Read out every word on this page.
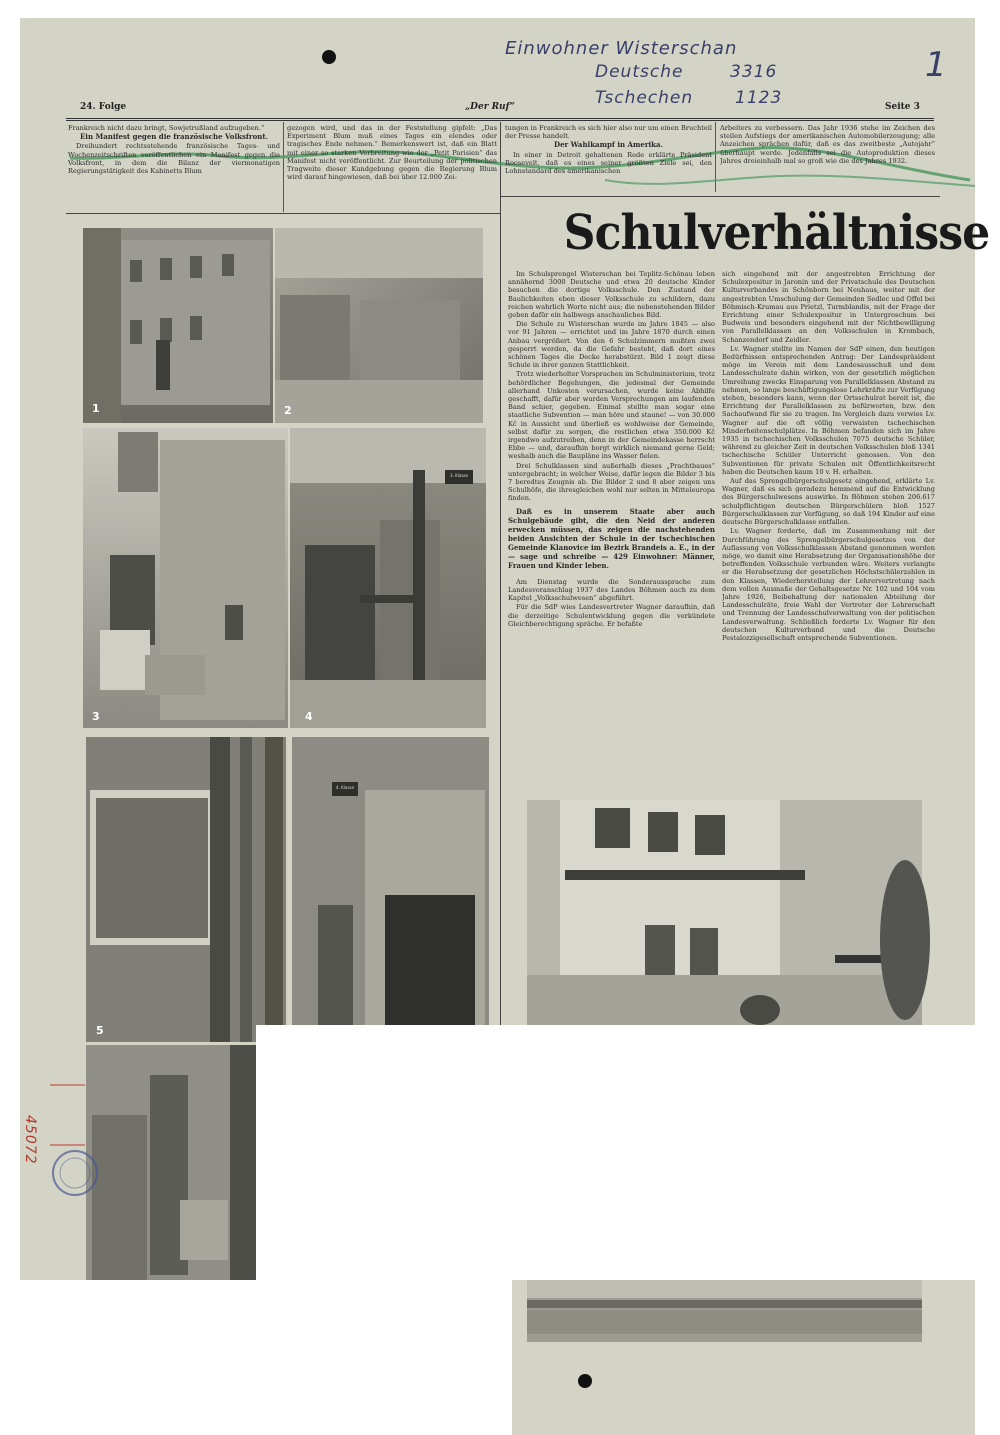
Einwohner Wisterschan
Deutsche	3316
Tschechen 1123
1
45072
24. Folge	„Der Ruf“	Seite 3

Frankreich nicht dazu bringt, Sowjetrußland aufzugeben.“

Ein Manifest gegen die französische Volksfront.

Dreihundert rechtsstehende französische Tages- und Wochenzeitschriften veröffentlichen ein Manifest gegen die Volksfront, in dem die Bilanz der viermonatigen Regierungstätigkeit des Kabinetts Blum

gezogen wird, und das in der Feststellung gipfelt: „Das Experiment Blum muß eines Tages ein elendes oder tragisches Ende nehmen.“ Bemerkenswert ist, daß ein Blatt mit einer so starken Verbreitung wie der „Petit Parisien“ das Manifest nicht veröffentlicht. Zur Beurteilung der politischen Tragweite dieser Kundgebung gegen die Regierung Blum wird darauf hingewiesen, daß bei über 12.000 Zei-

tungen in Frankreich es sich hier also nur um einen Bruchteil der Presse handelt.

Der Wahlkampf in Amerika.

In einer in Detroit gehaltenen Rede erklärte Präsident Roosevelt, daß es eines seiner größten Ziele sei, den Lohnstandard des amerikanischen

Arbeiters zu verbessern. Das Jahr 1936 stehe im Zeichen des steilen Aufstiegs der amerikanischen Automobilerzeugung; alle Anzeichen sprächen dafür, daß es das zweitbeste „Autojahr“ überhaupt werde. Jedenfalls sei die Autoproduktion dieses Jahres dreieinhalb mal so groß wie die des Jahres 1932.

Schulverhältnisse

Im Schulsprengel Wisterschan bei Teplitz-Schönau leben annähernd 3000 Deutsche und etwa 20 deutsche Kinder besuchen die dortige Volksschule. Den Zustand der Baulichkeiten eben dieser Volksschule zu schildern, dazu reichen wahrlich Worte nicht aus; die nebenstehenden Bilder geben dafür ein halbwegs anschauliches Bild.

Die Schule zu Wisterschan wurde im Jahre 1845 — also vor 91 Jahren — errichtet und im Jahre 1870 durch einen Anbau vergrößert. Von den 6 Schulzimmern mußten zwei gesperrt werden, da die Gefahr besteht, daß dort eines schönen Tages die Decke herabstürzt. Bild 1 zeigt diese Schule in ihrer ganzen Stattlichkeit.

Trotz wiederholter Vorsprachen im Schulministerium, trotz behördlicher Begehungen, die jedesmal der Gemeinde allerhand Unkosten verursachen, wurde keine Abhilfe geschafft, dafür aber wurden Versprechungen am laufenden Band schier, gegeben. Einmal stellte man sogar eine staatliche Subvention — man höre und staune! — von 30.000 Kč in Aussicht und überließ es wohlweise der Gemeinde, selbst dafür zu sorgen, die restlichen etwa 350.000 Kč irgendwo aufzutreiben, denn in der Gemeindekasse herrscht Ebbe — und, daraufhin borgt wirklich niemand gerne Geld; weshalb auch die Baupläne ins Wasser fielen.

Drei Schulklassen sind außerhalb dieses „Prachtbaues“ untergebracht; in welcher Weise, dafür legen die Bilder 3 bis 7 beredtes Zeugnis ab. Die Bilder 2 und 8 aber zeigen uns Schulhöfe, die ihresgleichen wohl nur selten in Mitteleuropa finden.

Daß es in unserem Staate aber auch Schulgebäude gibt, die den Neid der anderen erwecken müssen, das zeigen die nachstehenden beiden Ansichten der Schule in der tschechischen Gemeinde Klanovice im Bezirk Brandeis a. E., in der — sage und schreibe — 429 Einwohner: Männer, Frauen und Kinder leben.

Am Dienstag wurde die Sonderaussprache zum Landesvoranschlag 1937 des Landes Böhmen auch zu dem Kapitel „Volksschulwesen“ abgeführt.

Für die SdP wies Landesvertreter Wagner daraufhin, daß die derzeitige Schulentwicklung gegen die verkündete Gleichberechtigung spräche. Er befaßte

sich eingehend mit der angestrebten Errichtung der Schulexpositur in Jaronin und der Privatschule des Deutschen Kulturverbandes in Schönborn bei Neuhaus, weiter mit der angestrebten Umschulung der Gemeinden Sedlec und Offel bei Böhmisch-Krumau aus Prietzl, Turmblandis, mit der Frage der Errichtung einer Schulexpositur in Untergroschum bei Budweis und besonders eingehend mit der Nichtbewilligung von Parallelklassen an den Volksschulen in Krombach, Schanzendorf und Zeidler.

Lv. Wagner stellte im Namen der SdP einen, den heutigen Bedürfnissen entsprechenden Antrag: Der Landespräsident möge im Verein mit dem Landesausschuß und dem Landesschulrate dahin wirken, von der gesetzlich möglichen Umreihung zwecks Einsparung von Parallelklassen Abstand zu nehmen, so lange beschäftigungslose Lehrkräfte zur Verfügung stehen, besonders kann, wenn der Ortsschulrat bereit ist, die Errichtung der Parallelklassen zu befürworten, bzw. den Sachaufwand für sie zu tragen. Im Vergleich dazu verwies Lv. Wagner auf die oft völlig verwaisten tschechischen Minderheitenschulplätze. In Böhmen befanden sich im Jahre 1935 in tschechischen Volksschulen 7075 deutsche Schüler, während zu gleicher Zeit in deutschen Volksschulen bloß 1341 tschechische Schüler Unterricht genossen. Von den Subventionen für private Schulen mit Öffentlichkeitsrecht haben die Deutschen kaum 10 v. H. erhalten.

Auf das Sprengelbürgerschulgesetz eingehend, erklärte Lv. Wagner, daß es sich geradezu hemmend auf die Entwicklung des Bürgerschulwesens auswirke. In Böhmen stehen 206.617 schulpflichtigen deutschen Bürgerschülern bloß 1527 Bürgerschulklassen zur Verfügung, so daß 194 Kinder auf eine deutsche Bürgerschulklasse entfallen.

Lv. Wagner forderte, daß im Zusammenhang mit der Durchführung des Sprengelbürgerschulgesetzes von der Auflassung von Volksschulklassen Abstand genommen werden möge, wo damit eine Herabsetzung der Organisationshöhe der betreffenden Volksschule verbunden wäre. Weiters verlangte er die Herabsetzung der gesetzlichen Höchstschülerzahlen in den Klassen, Wiederherstellung der Lehrervertretung nach dem vollen Ausmaße der Gehaltsgesetze Nr. 102 und 104 vom Jahre 1926, Beibehaltung der nationalen Abteilung der Landesschulräte, freie Wahl der Vertreter der Lehrerschaft und Trennung der Landesschulverwaltung von der politischen Landesverwaltung. Schließlich forderte Lv. Wagner für den deutschen Kulturverband und die Deutsche Pestalozzigesellschaft entsprechende Subventionen.

1	2
3	4
5
3. Klasse
4. Klasse
